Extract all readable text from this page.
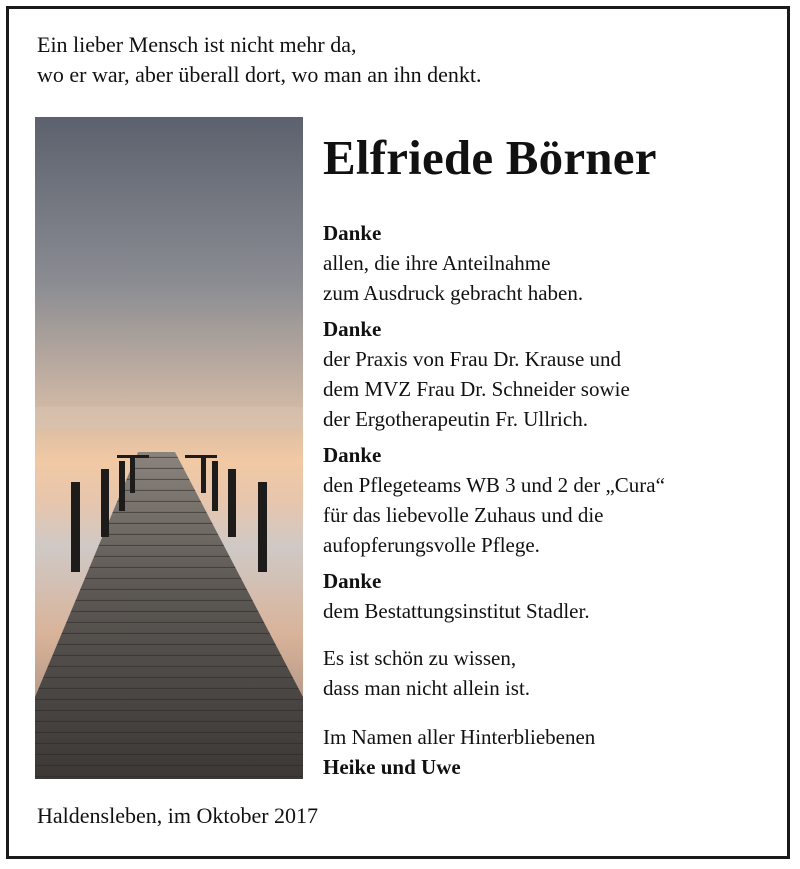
Ein lieber Mensch ist nicht mehr da,
wo er war, aber überall dort, wo man an ihn denkt.
Elfriede Börner
Danke
allen, die ihre Anteilnahme
zum Ausdruck gebracht haben.
Danke
der Praxis von Frau Dr. Krause und
dem MVZ Frau Dr. Schneider sowie
der Ergotherapeutin Fr. Ullrich.
Danke
den Pflegeteams WB 3 und 2 der „Cura“
für das liebevolle Zuhaus und die
aufopferungsvolle Pflege.
Danke
dem Bestattungsinstitut Stadler.
Es ist schön zu wissen,
dass man nicht allein ist.
Im Namen aller Hinterbliebenen
Heike und Uwe

Haldensleben, im Oktober 2017
